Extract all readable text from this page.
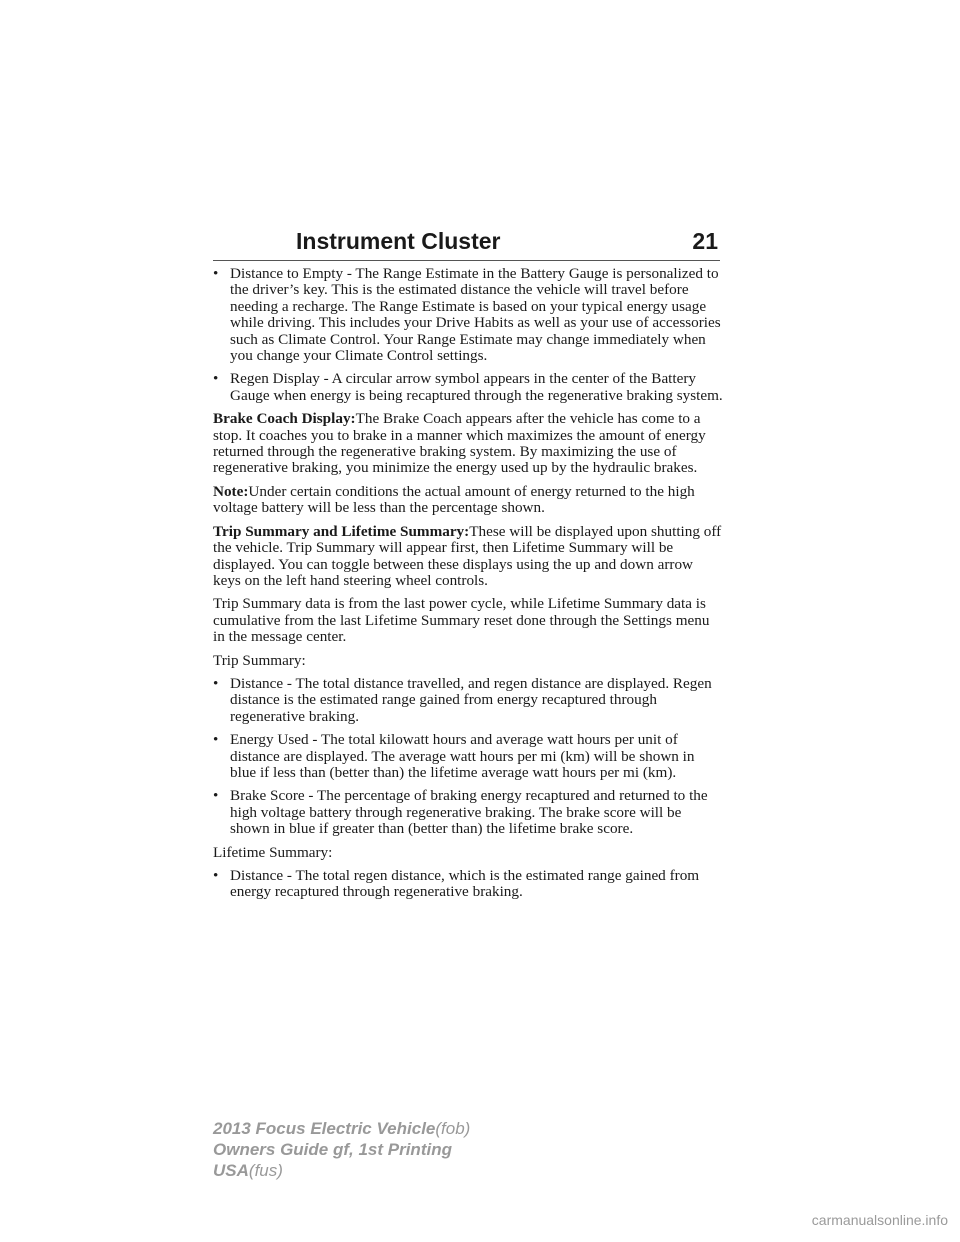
Instrument Cluster	21
• Distance to Empty - The Range Estimate in the Battery Gauge is personalized to the driver’s key. This is the estimated distance the vehicle will travel before needing a recharge. The Range Estimate is based on your typical energy usage while driving. This includes your Drive Habits as well as your use of accessories such as Climate Control. Your Range Estimate may change immediately when you change your Climate Control settings.
• Regen Display - A circular arrow symbol appears in the center of the Battery Gauge when energy is being recaptured through the regenerative braking system.

Brake Coach Display:The Brake Coach appears after the vehicle has come to a stop. It coaches you to brake in a manner which maximizes the amount of energy returned through the regenerative braking system. By maximizing the use of regenerative braking, you minimize the energy used up by the hydraulic brakes.

Note:Under certain conditions the actual amount of energy returned to the high voltage battery will be less than the percentage shown.

Trip Summary and Lifetime Summary:These will be displayed upon shutting off the vehicle. Trip Summary will appear first, then Lifetime Summary will be displayed. You can toggle between these displays using the up and down arrow keys on the left hand steering wheel controls.

Trip Summary data is from the last power cycle, while Lifetime Summary data is cumulative from the last Lifetime Summary reset done through the Settings menu in the message center.

Trip Summary:

• Distance - The total distance travelled, and regen distance are displayed. Regen distance is the estimated range gained from energy recaptured through regenerative braking.
• Energy Used - The total kilowatt hours and average watt hours per unit of distance are displayed. The average watt hours per mi (km) will be shown in blue if less than (better than) the lifetime average watt hours per mi (km).
• Brake Score - The percentage of braking energy recaptured and returned to the high voltage battery through regenerative braking. The brake score will be shown in blue if greater than (better than) the lifetime brake score.

Lifetime Summary:

• Distance - The total regen distance, which is the estimated range gained from energy recaptured through regenerative braking.
2013 Focus Electric Vehicle(fob)
Owners Guide gf, 1st Printing
USA(fus)
carmanualsonline.info
